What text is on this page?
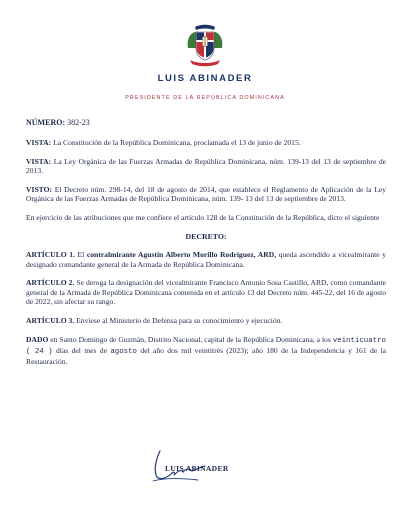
LUIS ABINADER
PRESIDENTE DE LA REPÚBLICA DOMINICANA

NÚMERO: 382-23

VISTA: La Constitución de la República Dominicana, proclamada el 13 de junio de 2015.

VISTA: La Ley Orgánica de las Fuerzas Armadas de República Dominicana, núm. 139-13 del 13 de septiembre de 2013.

VISTO: El Decreto núm. 298-14, del 18 de agosto de 2014, que establece el Reglamento de Aplicación de la Ley Orgánica de las Fuerzas Armadas de República Dominicana, núm. 139- 13 del 13 de septiembre de 2013.

En ejercicio de las atribuciones que me confiere el artículo 128 de la Constitución de la República, dicto el siguiente

DECRETO:

ARTÍCULO 1. El contralmirante Agustín Alberto Morillo Rodríguez, ARD, queda ascendido a vicealmirante y designado comandante general de la Armada de República Dominicana.

ARTÍCULO 2. Se deroga la designación del vicealmirante Francisco Antonio Sosa Castillo, ARD, como comandante general de la Armada de República Dominicana contenida en el artículo 13 del Decreto núm. 445-22, del 16 de agosto de 2022, sin afectar su rango.

ARTÍCULO 3. Envíese al Ministerio de Defensa para su conocimiento y ejecución.

DADO en Santo Domingo de Guzmán, Distrito Nacional, capital de la República Dominicana, a los veinticuatro ( 24 ) días del mes de agosto del año dos mil veintitrés (2023); año 180 de la Independencia y 161 de la Restauración.

LUIS ABINADER
